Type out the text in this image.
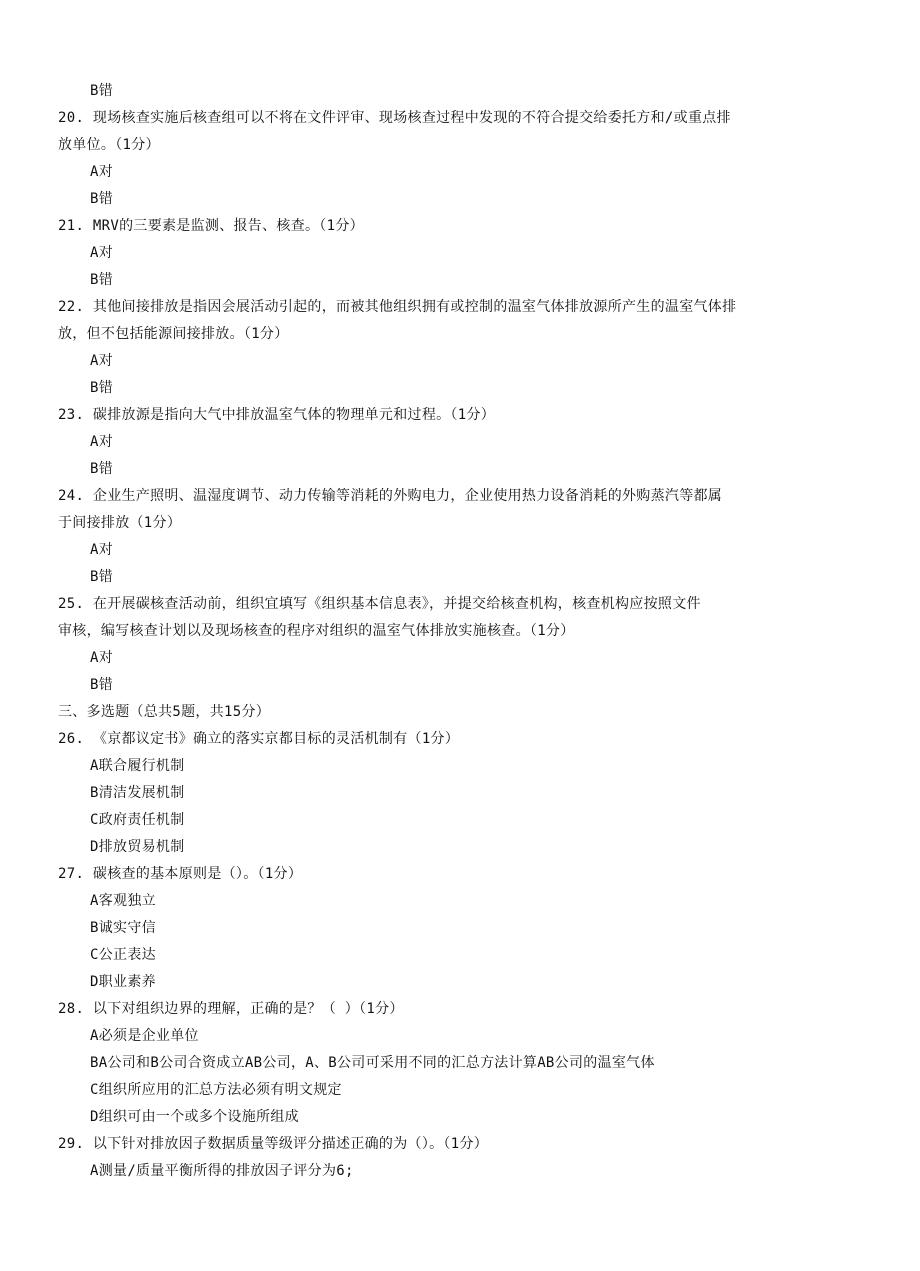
B错
20. 现场核查实施后核查组可以不将在文件评审、现场核查过程中发现的不符合提交给委托方和/或重点排
放单位。（1分）
A对
B错
21. MRV的三要素是监测、报告、核查。（1分）
A对
B错
22. 其他间接排放是指因会展活动引起的，而被其他组织拥有或控制的温室气体排放源所产生的温室气体排
放，但不包括能源间接排放。（1分）
A对
B错
23. 碳排放源是指向大气中排放温室气体的物理单元和过程。（1分）
A对
B错
24. 企业生产照明、温湿度调节、动力传输等消耗的外购电力，企业使用热力设备消耗的外购蒸汽等都属
于间接排放（1分）
A对
B错
25. 在开展碳核查活动前，组织宜填写《组织基本信息表》，并提交给核查机构，核查机构应按照文件
审核，编写核查计划以及现场核查的程序对组织的温室气体排放实施核查。（1分）
A对
B错
三、多选题（总共5题，共15分）
26. 《京都议定书》确立的落实京都目标的灵活机制有（1分）
A联合履行机制
B清洁发展机制
C政府责任机制
D排放贸易机制
27. 碳核查的基本原则是（）。（1分）
A客观独立
B诚实守信
C公正表达
D职业素养
28. 以下对组织边界的理解，正确的是？（ ）（1分）
A必须是企业单位
BA公司和B公司合资成立AB公司，A、B公司可采用不同的汇总方法计算AB公司的温室气体
C组织所应用的汇总方法必须有明文规定
D组织可由一个或多个设施所组成
29. 以下针对排放因子数据质量等级评分描述正确的为（）。（1分）
A测量/质量平衡所得的排放因子评分为6;
